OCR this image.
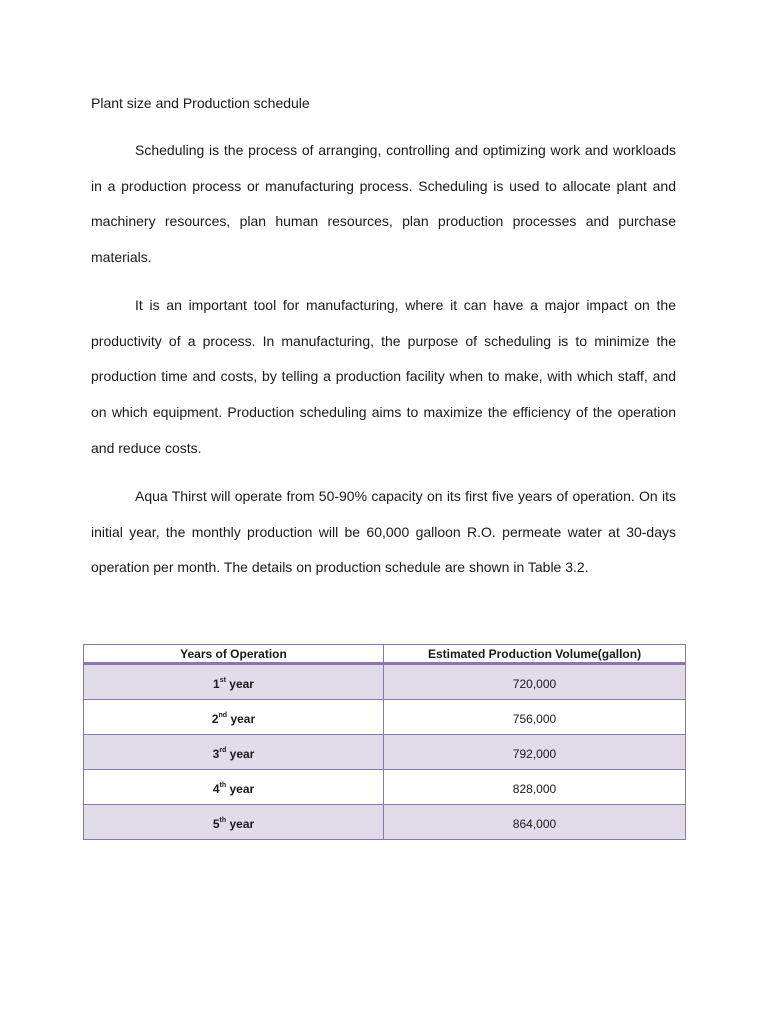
Plant size and Production schedule

Scheduling is the process of arranging, controlling and optimizing work and workloads in a production process or manufacturing process. Scheduling is used to allocate plant and machinery resources, plan human resources, plan production processes and purchase materials.

It is an important tool for manufacturing, where it can have a major impact on the productivity of a process. In manufacturing, the purpose of scheduling is to minimize the production time and costs, by telling a production facility when to make, with which staff, and on which equipment. Production scheduling aims to maximize the efficiency of the operation and reduce costs.

Aqua Thirst will operate from 50-90% capacity on its first five years of operation. On its initial year, the monthly production will be 60,000 galloon R.O. permeate water at 30-days operation per month. The details on production schedule are shown in Table 3.2.

Years of Operation	Estimated Production Volume(gallon)
1st year	720,000
2nd year	756,000
3rd year	792,000
4th year	828,000
5th year	864,000
